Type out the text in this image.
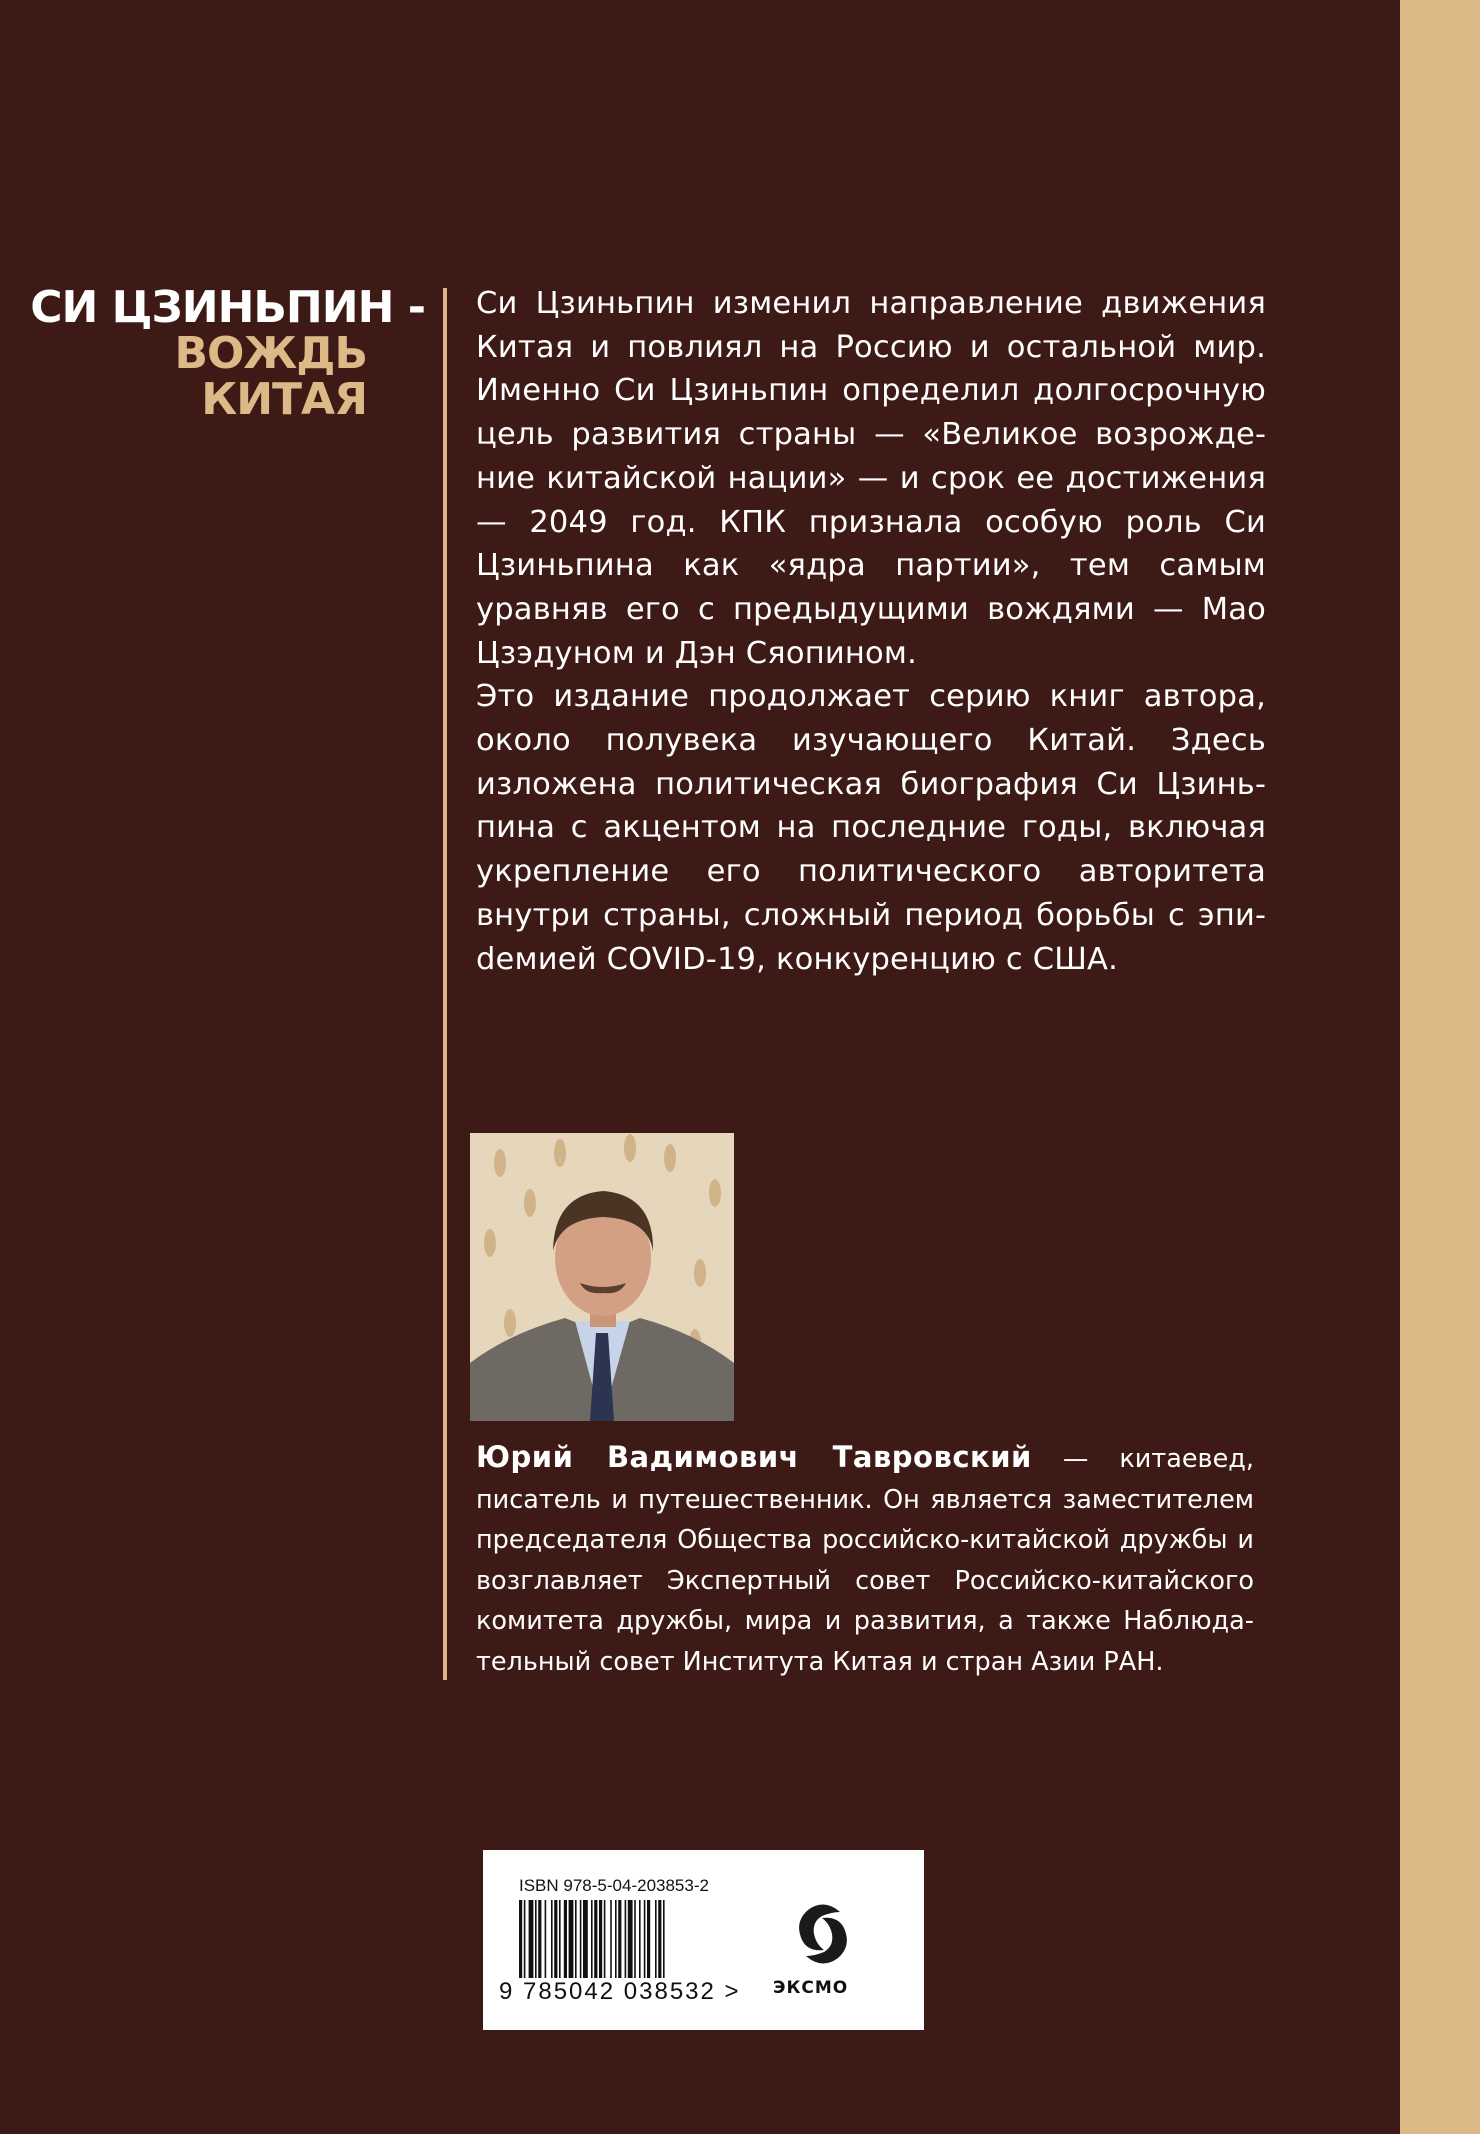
СИ ЦЗИНЬПИН -
ВОЖДЬ
КИТАЯ

Си Цзиньпин изменил направление движения Китая и повлиял на Россию и остальной мир. Именно Си Цзиньпин определил долгосрочную цель развития страны — «Великое возрождение китайской нации» — и срок ее достижения — 2049 год. КПК признала особую роль Си Цзиньпина как «ядра партии», тем самым уравняв его с предыдущими вождями — Мао Цзэдуном и Дэн Сяопином.

Это издание продолжает серию книг автора, около полувека изучающего Китай. Здесь изложена политическая биография Си Цзиньпина с акцентом на последние годы, включая укрепление его политического авторитета внутри страны, сложный период борьбы с эпиdемией COVID-19, конкуренцию с США.

Юрий Вадимович Тавровский — китаевед, писатель и путешественник. Он является заместителем председателя Общества российско-китайской дружбы и возглавляет Экспертный совет Российско-китайского комитета дружбы, мира и развития, а также Наблюдательный совет Института Китая и стран Азии РАН.
ISBN 978-5-04-203853-2
9 785042 038532 > ЭКСМО
